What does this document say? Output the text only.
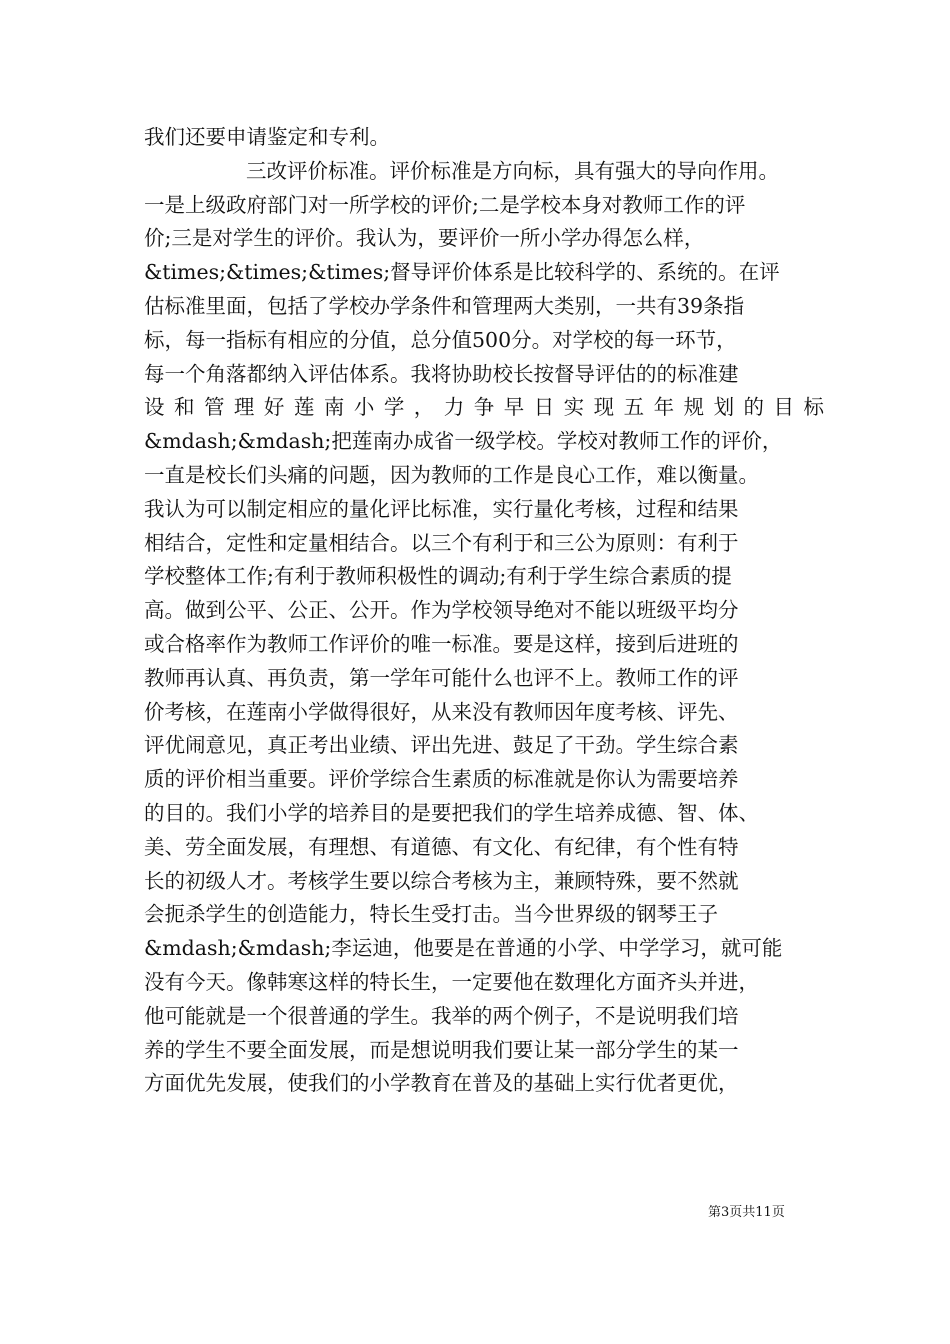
我们还要申请鉴定和专利。
三改评价标准。评价标准是方向标，具有强大的导向作用。
一是上级政府部门对一所学校的评价;二是学校本身对教师工作的评
价;三是对学生的评价。我认为，要评价一所小学办得怎么样，
&times;&times;&times;督导评价体系是比较科学的、系统的。在评
估标准里面，包括了学校办学条件和管理两大类别，一共有39条指
标，每一指标有相应的分值，总分值500分。对学校的每一环节，
每一个角落都纳入评估体系。我将协助校长按督导评估的的标准建
设和管理好莲南小学，力争早日实现五年规划的目标
&mdash;&mdash;把莲南办成省一级学校。学校对教师工作的评价，
一直是校长们头痛的问题，因为教师的工作是良心工作，难以衡量。
我认为可以制定相应的量化评比标准，实行量化考核，过程和结果
相结合，定性和定量相结合。以三个有利于和三公为原则：有利于
学校整体工作;有利于教师积极性的调动;有利于学生综合素质的提
高。做到公平、公正、公开。作为学校领导绝对不能以班级平均分
或合格率作为教师工作评价的唯一标准。要是这样，接到后进班的
教师再认真、再负责，第一学年可能什么也评不上。教师工作的评
价考核，在莲南小学做得很好，从来没有教师因年度考核、评先、
评优闹意见，真正考出业绩、评出先进、鼓足了干劲。学生综合素
质的评价相当重要。评价学综合生素质的标准就是你认为需要培养
的目的。我们小学的培养目的是要把我们的学生培养成德、智、体、
美、劳全面发展，有理想、有道德、有文化、有纪律，有个性有特
长的初级人才。考核学生要以综合考核为主，兼顾特殊，要不然就
会扼杀学生的创造能力，特长生受打击。当今世界级的钢琴王子
&mdash;&mdash;李运迪，他要是在普通的小学、中学学习，就可能
没有今天。像韩寒这样的特长生，一定要他在数理化方面齐头并进，
他可能就是一个很普通的学生。我举的两个例子，不是说明我们培
养的学生不要全面发展，而是想说明我们要让某一部分学生的某一
方面优先发展，使我们的小学教育在普及的基础上实行优者更优，
第3页共11页
